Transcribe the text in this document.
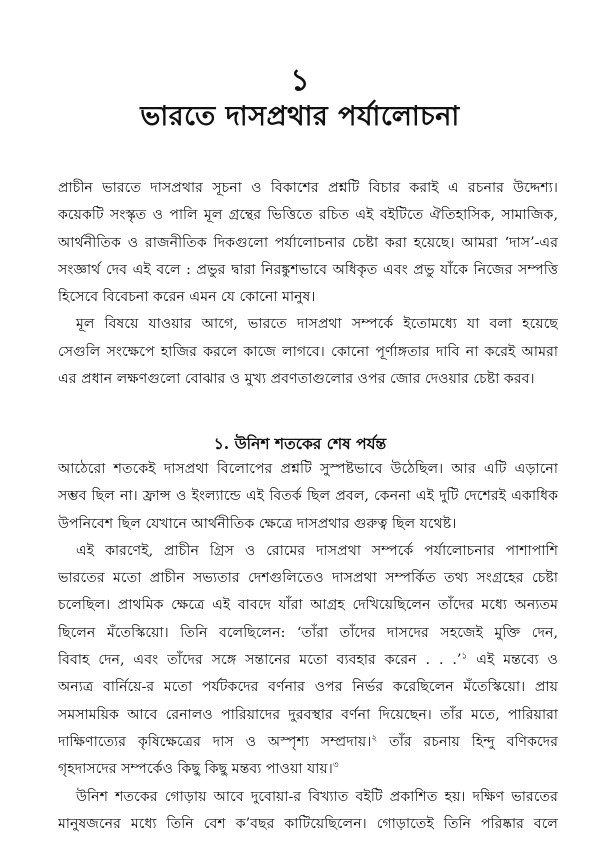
১
ভারতে দাসপ্রথার পর্যালোচনা
প্রাচীন ভারতে দাসপ্রথার সূচনা ও বিকাশের প্রশ্নটি বিচার করাই এ রচনার উদ্দেশ্য।
কয়েকটি সংস্কৃত ও পালি মূল গ্রন্থের ভিত্তিতে রচিত এই বইটিতে ঐতিহাসিক, সামাজিক,
আর্থনীতিক ও রাজনীতিক দিকগুলো পর্যালোচনার চেষ্টা করা হয়েছে। আমরা ‘দাস’-এর
সংজ্ঞার্থ দেব এই বলে : প্রভুর দ্বারা নিরঙ্কুশভাবে অধিকৃত এবং প্রভু যাঁকে নিজের সম্পত্তি
হিসেবে বিবেচনা করেন এমন যে কোনো মানুষ।
মূল বিষয়ে যাওয়ার আগে, ভারতে দাসপ্রথা সম্পর্কে ইতোমধ্যে যা বলা হয়েছে
সেগুলি সংক্ষেপে হাজির করলে কাজে লাগবে। কোনো পূর্ণাঙ্গতার দাবি না করেই আমরা
এর প্রধান লক্ষণগুলো বোঝার ও মুখ্য প্রবণতাগুলোর ওপর জোর দেওয়ার চেষ্টা করব।
১. উনিশ শতকের শেষ পর্যন্ত
আঠেরো শতকেই দাসপ্রথা বিলোপের প্রশ্নটি সুস্পষ্টভাবে উঠেছিল। আর এটি এড়ানো
সম্ভব ছিল না। ফ্রান্স ও ইংল্যান্ডে এই বিতর্ক ছিল প্রবল, কেননা এই দুটি দেশেরই একাধিক
উপনিবেশ ছিল যেখানে আর্থনীতিক ক্ষেত্রে দাসপ্রথার গুরুত্ব ছিল যথেষ্ট।
এই কারণেই, প্রাচীন গ্রিস ও রোমের দাসপ্রথা সম্পর্কে পর্যালোচনার পাশাপাশি
ভারতের মতো প্রাচীন সভ্যতার দেশগুলিতেও দাসপ্রথা সম্পর্কিত তথ্য সংগ্রহের চেষ্টা
চলেছিল। প্রাথমিক ক্ষেত্রে এই বাবদে যাঁরা আগ্রহ দেখিয়েছিলেন তাঁদের মধ্যে অন্যতম
ছিলেন মঁতেস্কিয়ো। তিনি বলেছিলেন: ‘তাঁরা তাঁদের দাসদের সহজেই মুক্তি দেন,
বিবাহ দেন, এবং তাঁদের সঙ্গে সন্তানের মতো ব্যবহার করেন . . .’$^১$ এই মন্তব্যে ও
অন্যত্র বার্নিয়ে-র মতো পর্যটকদের বর্ণনার ওপর নির্ভর করেছিলেন মঁতেস্কিয়ো। প্রায়
সমসাময়িক আবে রেনালও পারিয়াদের দুরবস্থার বর্ণনা দিয়েছেন। তাঁর মতে, পারিয়ারা
দাক্ষিণাত্যের কৃষিক্ষেত্রের দাস ও অস্পৃশ্য সম্প্রদায়।$^২$ তাঁর রচনায় হিন্দু বণিকদের
গৃহদাসদের সম্পর্কেও কিছু কিছু মন্তব্য পাওয়া যায়।$^৩$
উনিশ শতকের গোড়ায় আবে দুবোয়া-র বিখ্যাত বইটি প্রকাশিত হয়। দক্ষিণ ভারতের
মানুষজনের মধ্যে তিনি বেশ ক’বছর কাটিয়েছিলেন। গোড়াতেই তিনি পরিষ্কার বলে
